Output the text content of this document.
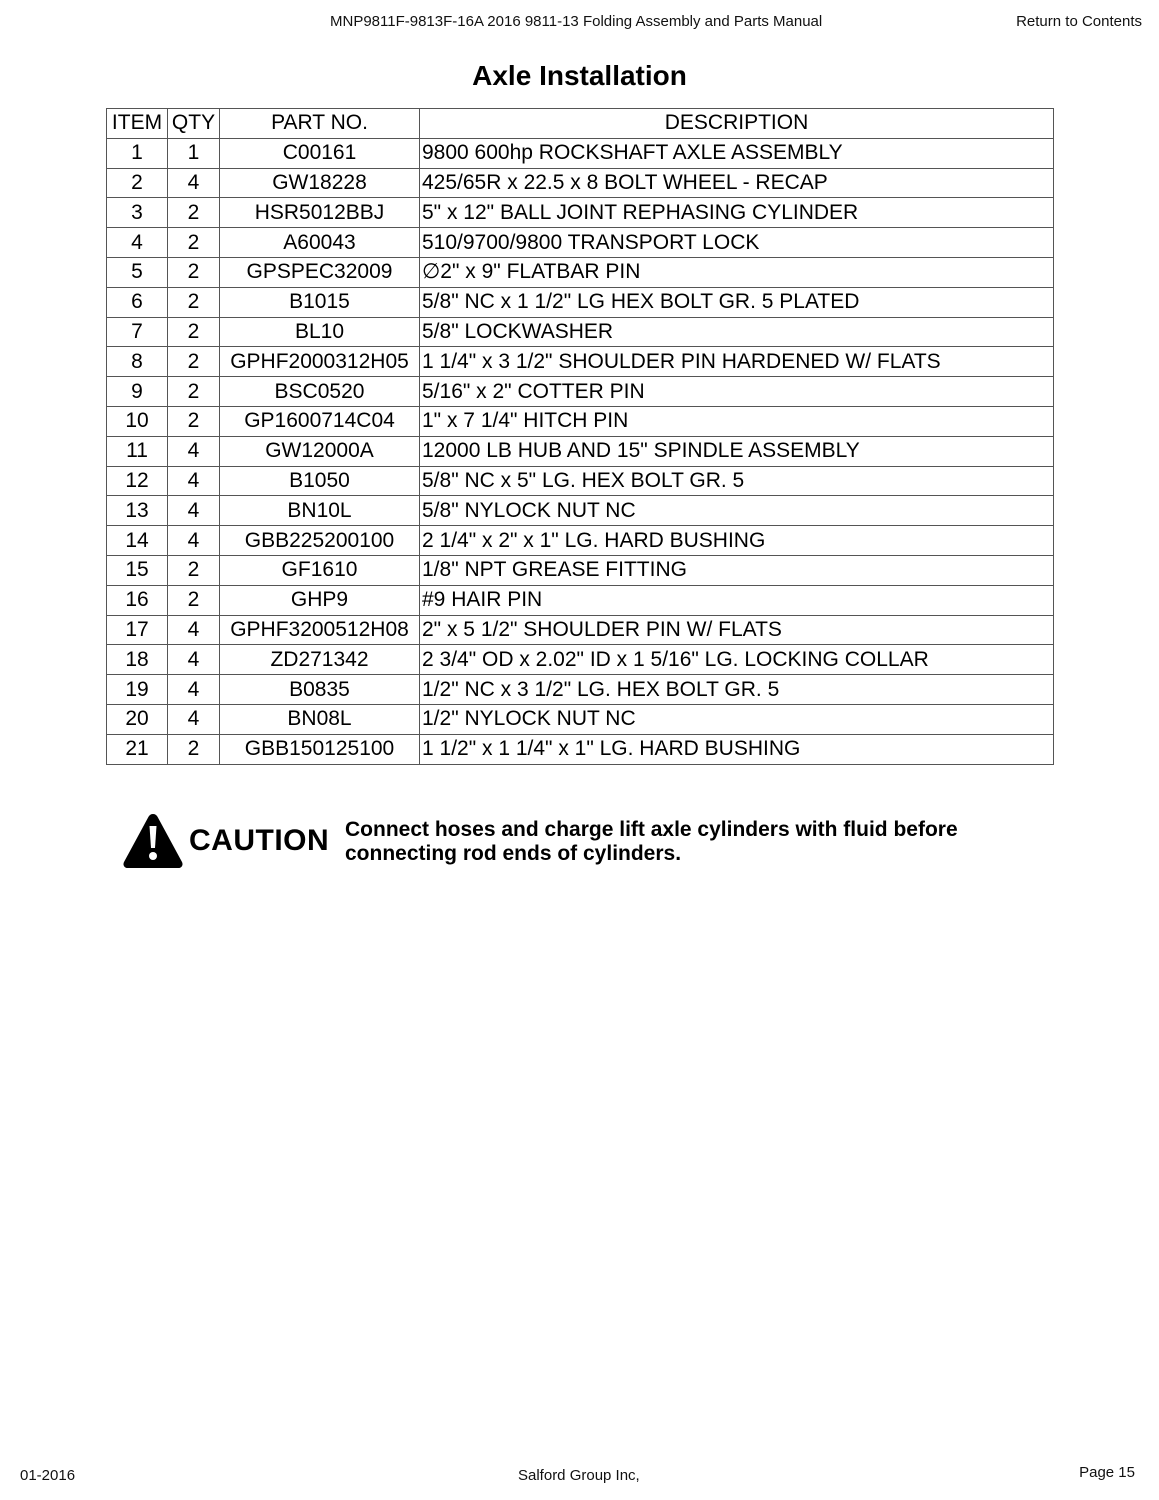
MNP9811F-9813F-16A 2016 9811-13 Folding Assembly and Parts Manual	Return to Contents
Axle Installation
ITEM	QTY	PART NO.	DESCRIPTION
1	1	C00161	9800 600hp ROCKSHAFT AXLE ASSEMBLY
2	4	GW18228	425/65R x 22.5 x 8 BOLT WHEEL - RECAP
3	2	HSR5012BBJ	5" x 12" BALL JOINT REPHASING CYLINDER
4	2	A60043	510/9700/9800 TRANSPORT LOCK
5	2	GPSPEC32009	∅2" x 9" FLATBAR PIN
6	2	B1015	5/8" NC x 1 1/2" LG HEX BOLT GR. 5 PLATED
7	2	BL10	5/8" LOCKWASHER
8	2	GPHF2000312H05	1 1/4" x 3 1/2" SHOULDER PIN HARDENED W/ FLATS
9	2	BSC0520	5/16" x 2" COTTER PIN
10	2	GP1600714C04	1" x 7 1/4" HITCH PIN
11	4	GW12000A	12000 LB HUB AND 15" SPINDLE ASSEMBLY
12	4	B1050	5/8" NC x 5" LG. HEX BOLT GR. 5
13	4	BN10L	5/8" NYLOCK NUT NC
14	4	GBB225200100	2 1/4" x 2" x 1" LG. HARD BUSHING
15	2	GF1610	1/8" NPT GREASE FITTING
16	2	GHP9	#9 HAIR PIN
17	4	GPHF3200512H08	2" x 5 1/2" SHOULDER PIN W/ FLATS
18	4	ZD271342	2 3/4" OD x 2.02" ID x 1 5/16" LG. LOCKING COLLAR
19	4	B0835	1/2" NC x 3 1/2" LG. HEX BOLT GR. 5
20	4	BN08L	1/2" NYLOCK NUT NC
21	2	GBB150125100	1 1/2" x 1 1/4" x 1" LG. HARD BUSHING
CAUTION Connect hoses and charge lift axle cylinders with fluid before connecting rod ends of cylinders.
01-2016	Salford Group Inc,	Page 15
